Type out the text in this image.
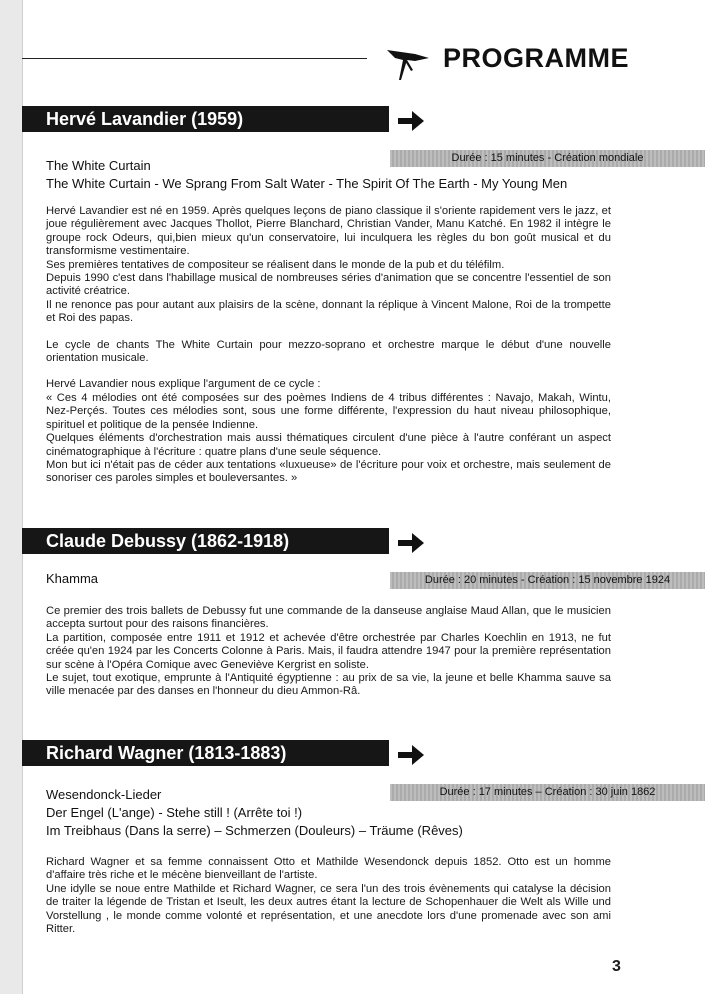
PROGRAMME
Hervé Lavandier (1959)
Durée : 15 minutes - Création mondiale
The White Curtain
The White Curtain - We Sprang From Salt Water - The Spirit Of The Earth - My Young Men

Hervé Lavandier est né en 1959. Après quelques leçons de piano classique il s'oriente rapidement vers le jazz, et joue régulièrement avec Jacques Thollot, Pierre Blanchard, Christian Vander, Manu Katché. En 1982 il intègre le groupe rock Odeurs, qui,bien mieux qu'un conservatoire, lui inculquera les règles du bon goût musical et du transformisme vestimentaire.

Ses premières tentatives de compositeur se réalisent dans le monde de la pub et du téléfilm.

Depuis 1990 c'est dans l'habillage musical de nombreuses séries d'animation que se concentre l'essentiel de son activité créatrice.

Il ne renonce pas pour autant aux plaisirs de la scène, donnant la réplique à Vincent Malone, Roi de la trompette et Roi des papas.

Le cycle de chants The White Curtain pour mezzo-soprano et orchestre marque le début d'une nouvelle orientation musicale.

Hervé Lavandier nous explique l'argument de ce cycle :

« Ces 4 mélodies ont été composées sur des poèmes Indiens de 4 tribus différentes : Navajo, Makah, Wintu, Nez-Perçés. Toutes ces mélodies sont, sous une forme différente, l'expression du haut niveau philosophique, spirituel et politique de la pensée Indienne.

Quelques éléments d'orchestration mais aussi thématiques circulent d'une pièce à l'autre conférant un aspect cinématographique à l'écriture : quatre plans d'une seule séquence.

Mon but ici n'était pas de céder aux tentations «luxueuse» de l'écriture pour voix et orchestre, mais seulement de sonoriser ces paroles simples et bouleversantes. »

Claude Debussy (1862-1918)
Khamma	Durée : 20 minutes - Création : 15 novembre 1924

Ce premier des trois ballets de Debussy fut une commande de la danseuse anglaise Maud Allan, que le musicien accepta surtout pour des raisons financières.

La partition, composée entre 1911 et 1912 et achevée d'être orchestrée par Charles Koechlin en 1913, ne fut créée qu'en 1924 par les Concerts Colonne à Paris. Mais, il faudra attendre 1947 pour la première représentation sur scène à l'Opéra Comique avec Geneviève Kergrist en soliste.

Le sujet, tout exotique, emprunte à l'Antiquité égyptienne : au prix de sa vie, la jeune et belle Khamma sauve sa ville menacée par des danses en l'honneur du dieu Ammon-Râ.

Richard Wagner (1813-1883)
Durée : 17 minutes – Création : 30 juin 1862
Wesendonck-Lieder
Der Engel (L'ange) - Stehe still ! (Arrête toi !)
Im Treibhaus (Dans la serre) – Schmerzen (Douleurs) – Träume (Rêves)

Richard Wagner et sa femme connaissent Otto et Mathilde Wesendonck depuis 1852. Otto est un homme d'affaire très riche et le mécène bienveillant de l'artiste.

Une idylle se noue entre Mathilde et Richard Wagner, ce sera l'un des trois évènements qui catalyse la décision de traiter la légende de Tristan et Iseult, les deux autres étant la lecture de Schopenhauer die Welt als Wille und Vorstellung , le monde comme volonté et représentation, et une anecdote lors d'une promenade avec son ami Ritter.

3
